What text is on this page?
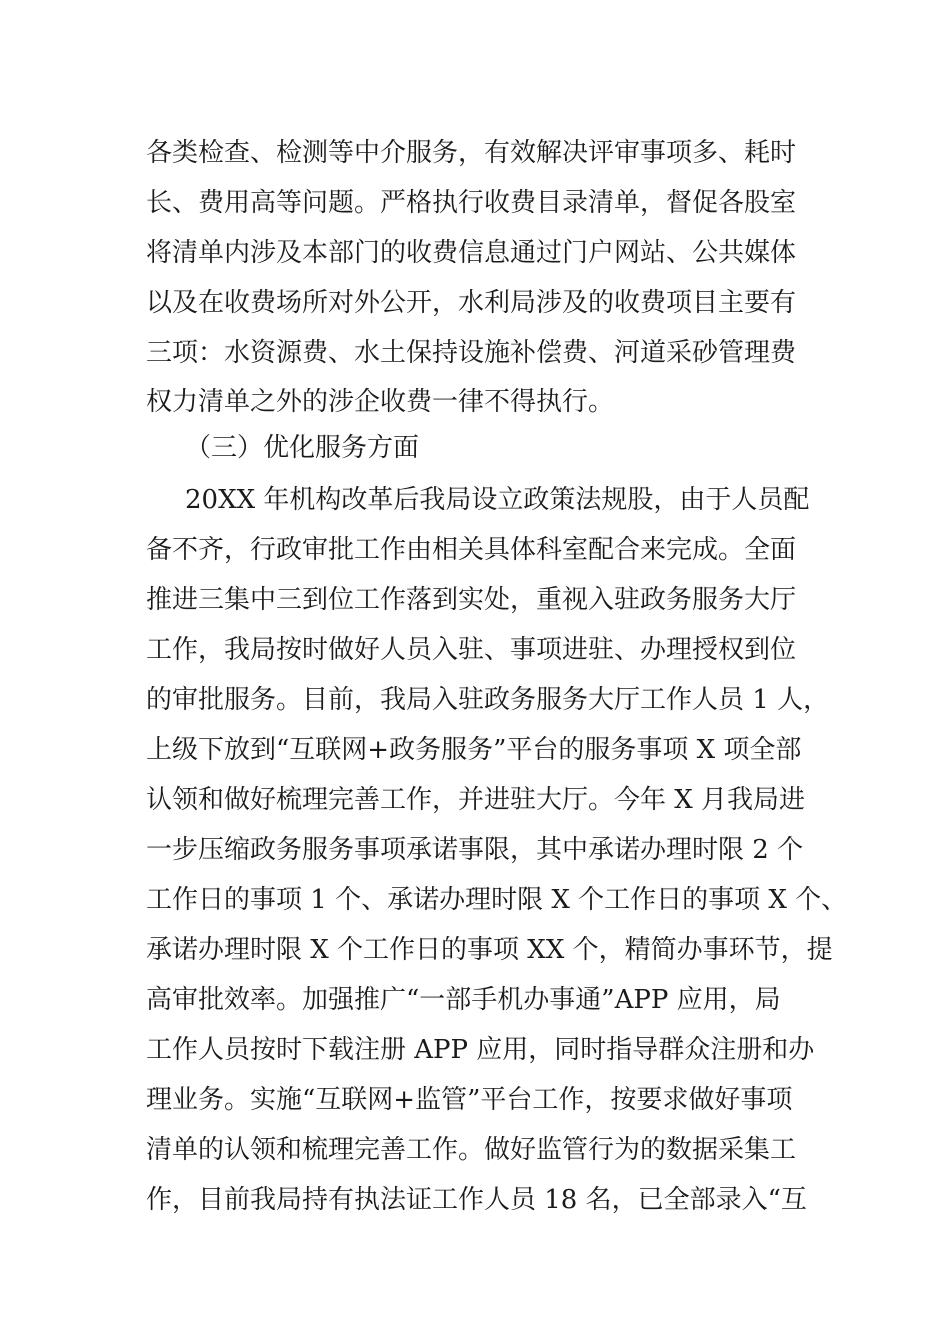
各类检查、检测等中介服务，有效解决评审事项多、耗时
长、费用高等问题。严格执行收费目录清单，督促各股室
将清单内涉及本部门的收费信息通过门户网站、公共媒体
以及在收费场所对外公开，水利局涉及的收费项目主要有
三项：水资源费、水土保持设施补偿费、河道采砂管理费
权力清单之外的涉企收费一律不得执行。
（三）优化服务方面
20XX 年机构改革后我局设立政策法规股，由于人员配
备不齐，行政审批工作由相关具体科室配合来完成。全面
推进三集中三到位工作落到实处，重视入驻政务服务大厅
工作，我局按时做好人员入驻、事项进驻、办理授权到位
的审批服务。目前，我局入驻政务服务大厅工作人员 1 人，
上级下放到“互联网+政务服务”平台的服务事项 X 项全部
认领和做好梳理完善工作，并进驻大厅。今年 X 月我局进
一步压缩政务服务事项承诺事限，其中承诺办理时限 2 个
工作日的事项 1 个、承诺办理时限 X 个工作日的事项 X 个、
承诺办理时限 X 个工作日的事项 XX 个，精简办事环节，提
高审批效率。加强推广“一部手机办事通”APP 应用，局
工作人员按时下载注册 APP 应用，同时指导群众注册和办
理业务。实施“互联网+监管”平台工作，按要求做好事项
清单的认领和梳理完善工作。做好监管行为的数据采集工
作，目前我局持有执法证工作人员 18 名，已全部录入“互
